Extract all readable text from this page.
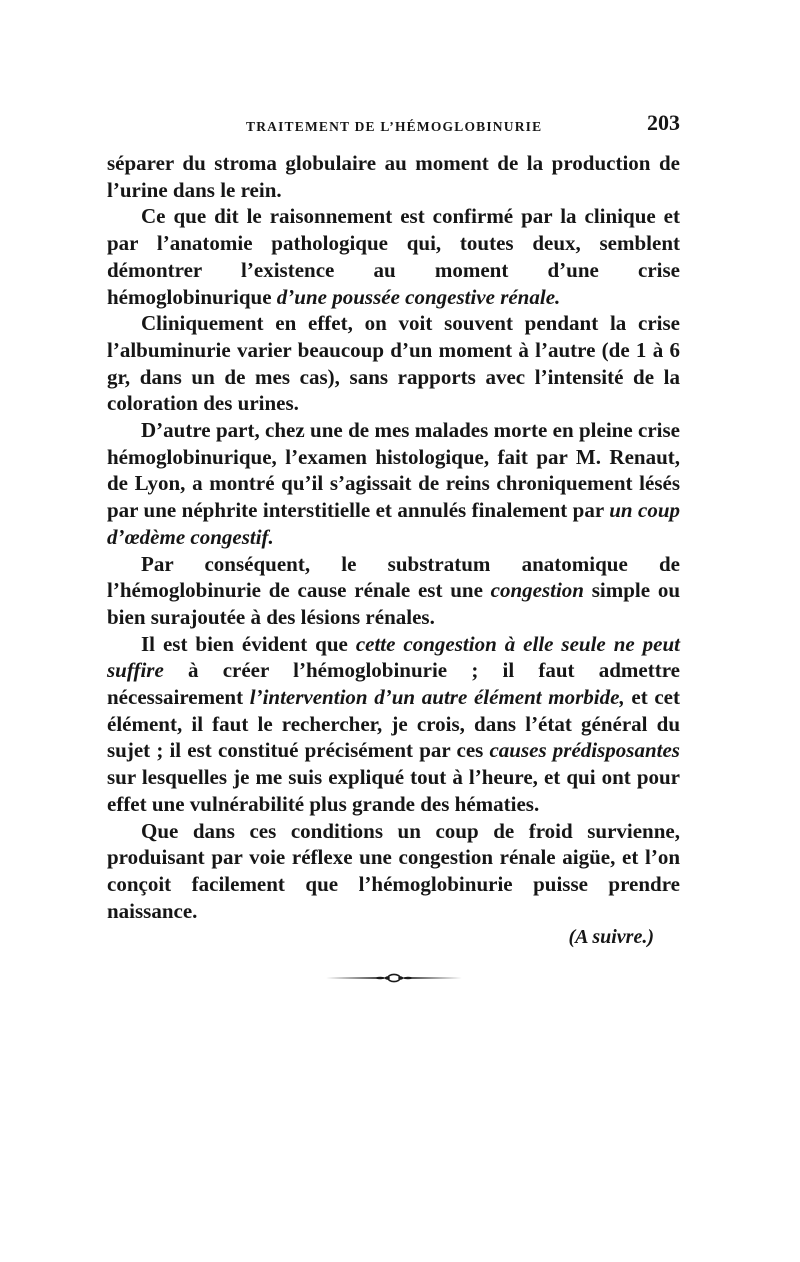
TRAITEMENT DE L’HÉMOGLOBINURIE	203

séparer du stroma globulaire au moment de la production de l’urine dans le rein.

Ce que dit le raisonnement est confirmé par la clinique et par l’anatomie pathologique qui, toutes deux, semblent démontrer l’existence au moment d’une crise hémoglobinurique d’une poussée congestive rénale.

Cliniquement en effet, on voit souvent pendant la crise l’albuminurie varier beaucoup d’un moment à l’autre (de 1 à 6 gr, dans un de mes cas), sans rapports avec l’intensité de la coloration des urines.

D’autre part, chez une de mes malades morte en pleine crise hémoglobinurique, l’examen histologique, fait par M. Renaut, de Lyon, a montré qu’il s’agissait de reins chroniquement lésés par une néphrite interstitielle et annulés finalement par un coup d’œdème congestif.

Par conséquent, le substratum anatomique de l’hémoglobinurie de cause rénale est une congestion simple ou bien surajoutée à des lésions rénales.

Il est bien évident que cette congestion à elle seule ne peut suffire à créer l’hémoglobinurie ; il faut admettre nécessairement l’intervention d’un autre élément morbide, et cet élément, il faut le rechercher, je crois, dans l’état général du sujet ; il est constitué précisément par ces causes prédisposantes sur lesquelles je me suis expliqué tout à l’heure, et qui ont pour effet une vulnérabilité plus grande des hématies.

Que dans ces conditions un coup de froid survienne, produisant par voie réflexe une congestion rénale aigüe, et l’on conçoit facilement que l’hémoglobinurie puisse prendre naissance.

(A suivre.)
